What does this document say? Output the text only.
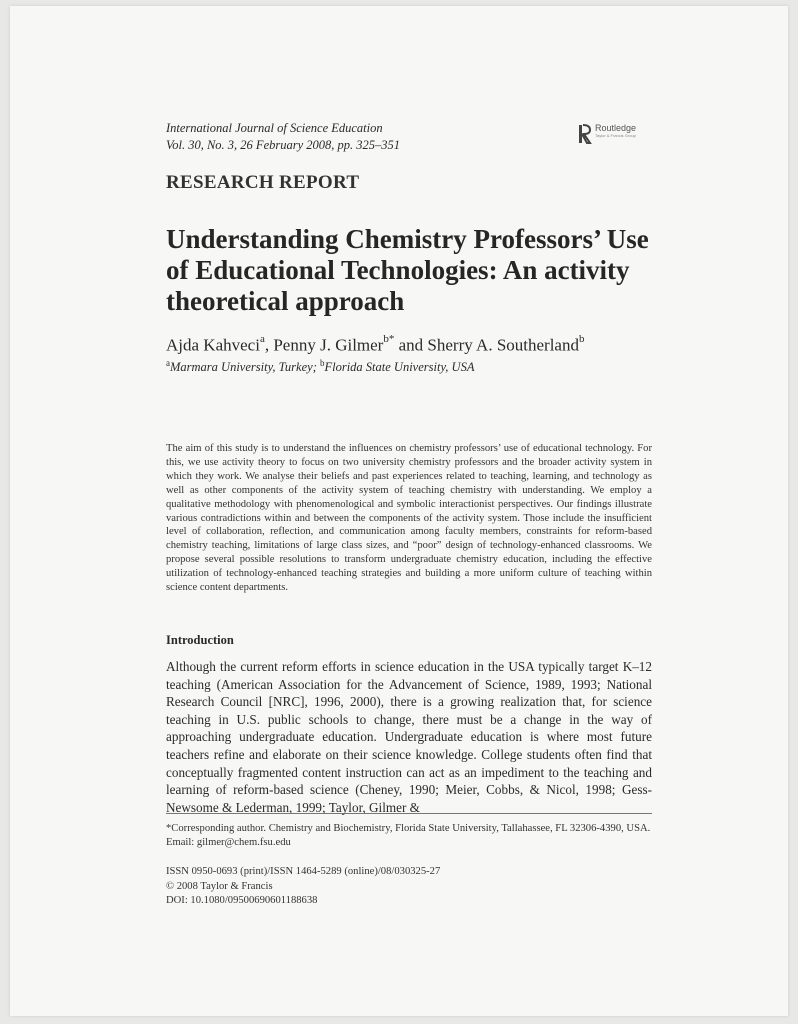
International Journal of Science Education
Vol. 30, No. 3, 26 February 2008, pp. 325–351
Routledge
Taylor & Francis Group
RESEARCH REPORT
Understanding Chemistry Professors’ Use of Educational Technologies: An activity theoretical approach
Ajda Kahveci$^a$, Penny J. Gilmer$^{b*}$ and Sherry A. Southerland$^b$
$^a$Marmara University, Turkey; $^b$Florida State University, USA
The aim of this study is to understand the influences on chemistry professors’ use of educational technology. For this, we use activity theory to focus on two university chemistry professors and the broader activity system in which they work. We analyse their beliefs and past experiences related to teaching, learning, and technology as well as other components of the activity system of teaching chemistry with understanding. We employ a qualitative methodology with phenomenological and symbolic interactionist perspectives. Our findings illustrate various contradictions within and between the components of the activity system. Those include the insufficient level of collaboration, reflection, and communication among faculty members, constraints for reform-based chemistry teaching, limitations of large class sizes, and “poor” design of technology-enhanced classrooms. We propose several possible resolutions to transform undergraduate chemistry education, including the effective utilization of technology-enhanced teaching strategies and building a more uniform culture of teaching within science content departments.
Introduction
Although the current reform efforts in science education in the USA typically target K–12 teaching (American Association for the Advancement of Science, 1989, 1993; National Research Council [NRC], 1996, 2000), there is a growing realization that, for science teaching in U.S. public schools to change, there must be a change in the way of approaching undergraduate education. Undergraduate education is where most future teachers refine and elaborate on their science knowledge. College students often find that conceptually fragmented content instruction can act as an impediment to the teaching and learning of reform-based science (Cheney, 1990; Meier, Cobbs, & Nicol, 1998; Gess-Newsome & Lederman, 1999; Taylor, Gilmer &
*Corresponding author. Chemistry and Biochemistry, Florida State University, Tallahassee, FL 32306-4390, USA. Email: gilmer@chem.fsu.edu
ISSN 0950-0693 (print)/ISSN 1464-5289 (online)/08/030325-27
© 2008 Taylor & Francis
DOI: 10.1080/09500690601188638
